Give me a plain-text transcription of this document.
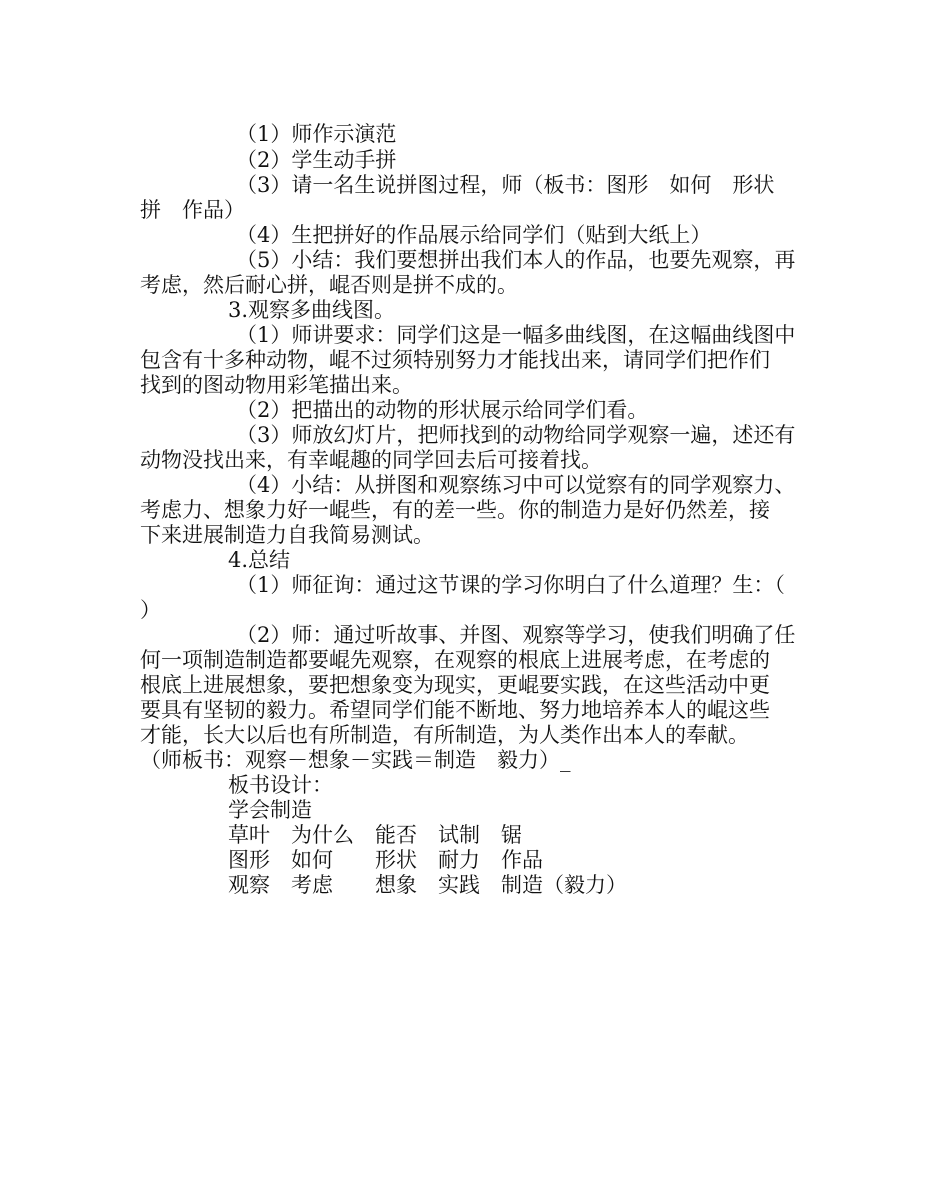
（1）师作示演范
（2）学生动手拼
（3）请一名生说拼图过程，师（板书：图形　如何　形状
拼　作品）
（4）生把拼好的作品展示给同学们（贴到大纸上）
（5）小结：我们要想拼出我们本人的作品，也要先观察，再
考虑，然后耐心拼，崐否则是拼不成的。
3.观察多曲线图。
（1）师讲要求：同学们这是一幅多曲线图，在这幅曲线图中
包含有十多种动物，崐不过须特别努力才能找出来，请同学们把作们
找到的图动物用彩笔描出来。
（2）把描出的动物的形状展示给同学们看。
（3）师放幻灯片，把师找到的动物给同学观察一遍，述还有
动物没找出来，有幸崐趣的同学回去后可接着找。
（4）小结：从拼图和观察练习中可以觉察有的同学观察力、
考虑力、想象力好一崐些，有的差一些。你的制造力是好仍然差，接
下来进展制造力自我简易测试。
4.总结
（1）师征询：通过这节课的学习你明白了什么道理？生：（
）
（2）师：通过听故事、并图、观察等学习，使我们明确了任
何一项制造制造都要崐先观察，在观察的根底上进展考虑，在考虑的
根底上进展想象，要把想象变为现实，更崐要实践，在这些活动中更
要具有坚韧的毅力。希望同学们能不断地、努力地培养本人的崐这些
才能，长大以后也有所制造，有所制造，为人类作出本人的奉献。
（师板书：观察－想象－实践＝制造　毅力）_
板书设计：
学会制造
草叶　为什么　能否　试制　锯
图形　如何　　形状　耐力　作品
观察　考虑　　想象　实践　制造（毅力）
